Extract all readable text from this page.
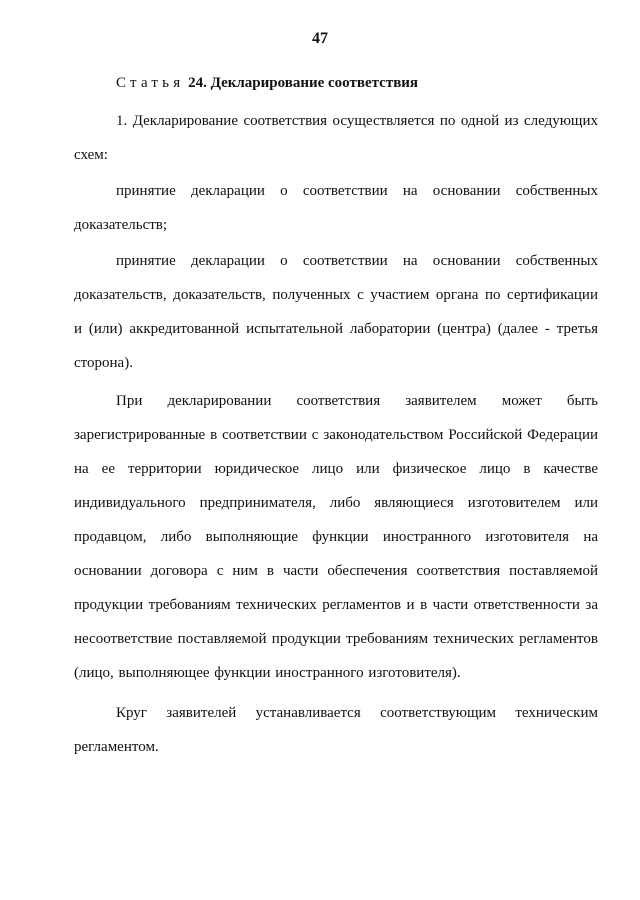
47
Статья 24. Декларирование соответствия

1. Декларирование соответствия осуществляется по одной из следующих схем:

принятие декларации о соответствии на основании собственных доказательств;

принятие декларации о соответствии на основании собственных доказательств, доказательств, полученных с участием органа по сертификации и (или) аккредитованной испытательной лаборатории (центра) (далее - третья сторона).

При декларировании соответствия заявителем может быть зарегистрированные в соответствии с законодательством Российской Федерации на ее территории юридическое лицо или физическое лицо в качестве индивидуального предпринимателя, либо являющиеся изготовителем или продавцом, либо выполняющие функции иностранного изготовителя на основании договора с ним в части обеспечения соответствия поставляемой продукции требованиям технических регламентов и в части ответственности за несоответствие поставляемой продукции требованиям технических регламентов (лицо, выполняющее функции иностранного изготовителя).

Круг заявителей устанавливается соответствующим техническим регламентом.
